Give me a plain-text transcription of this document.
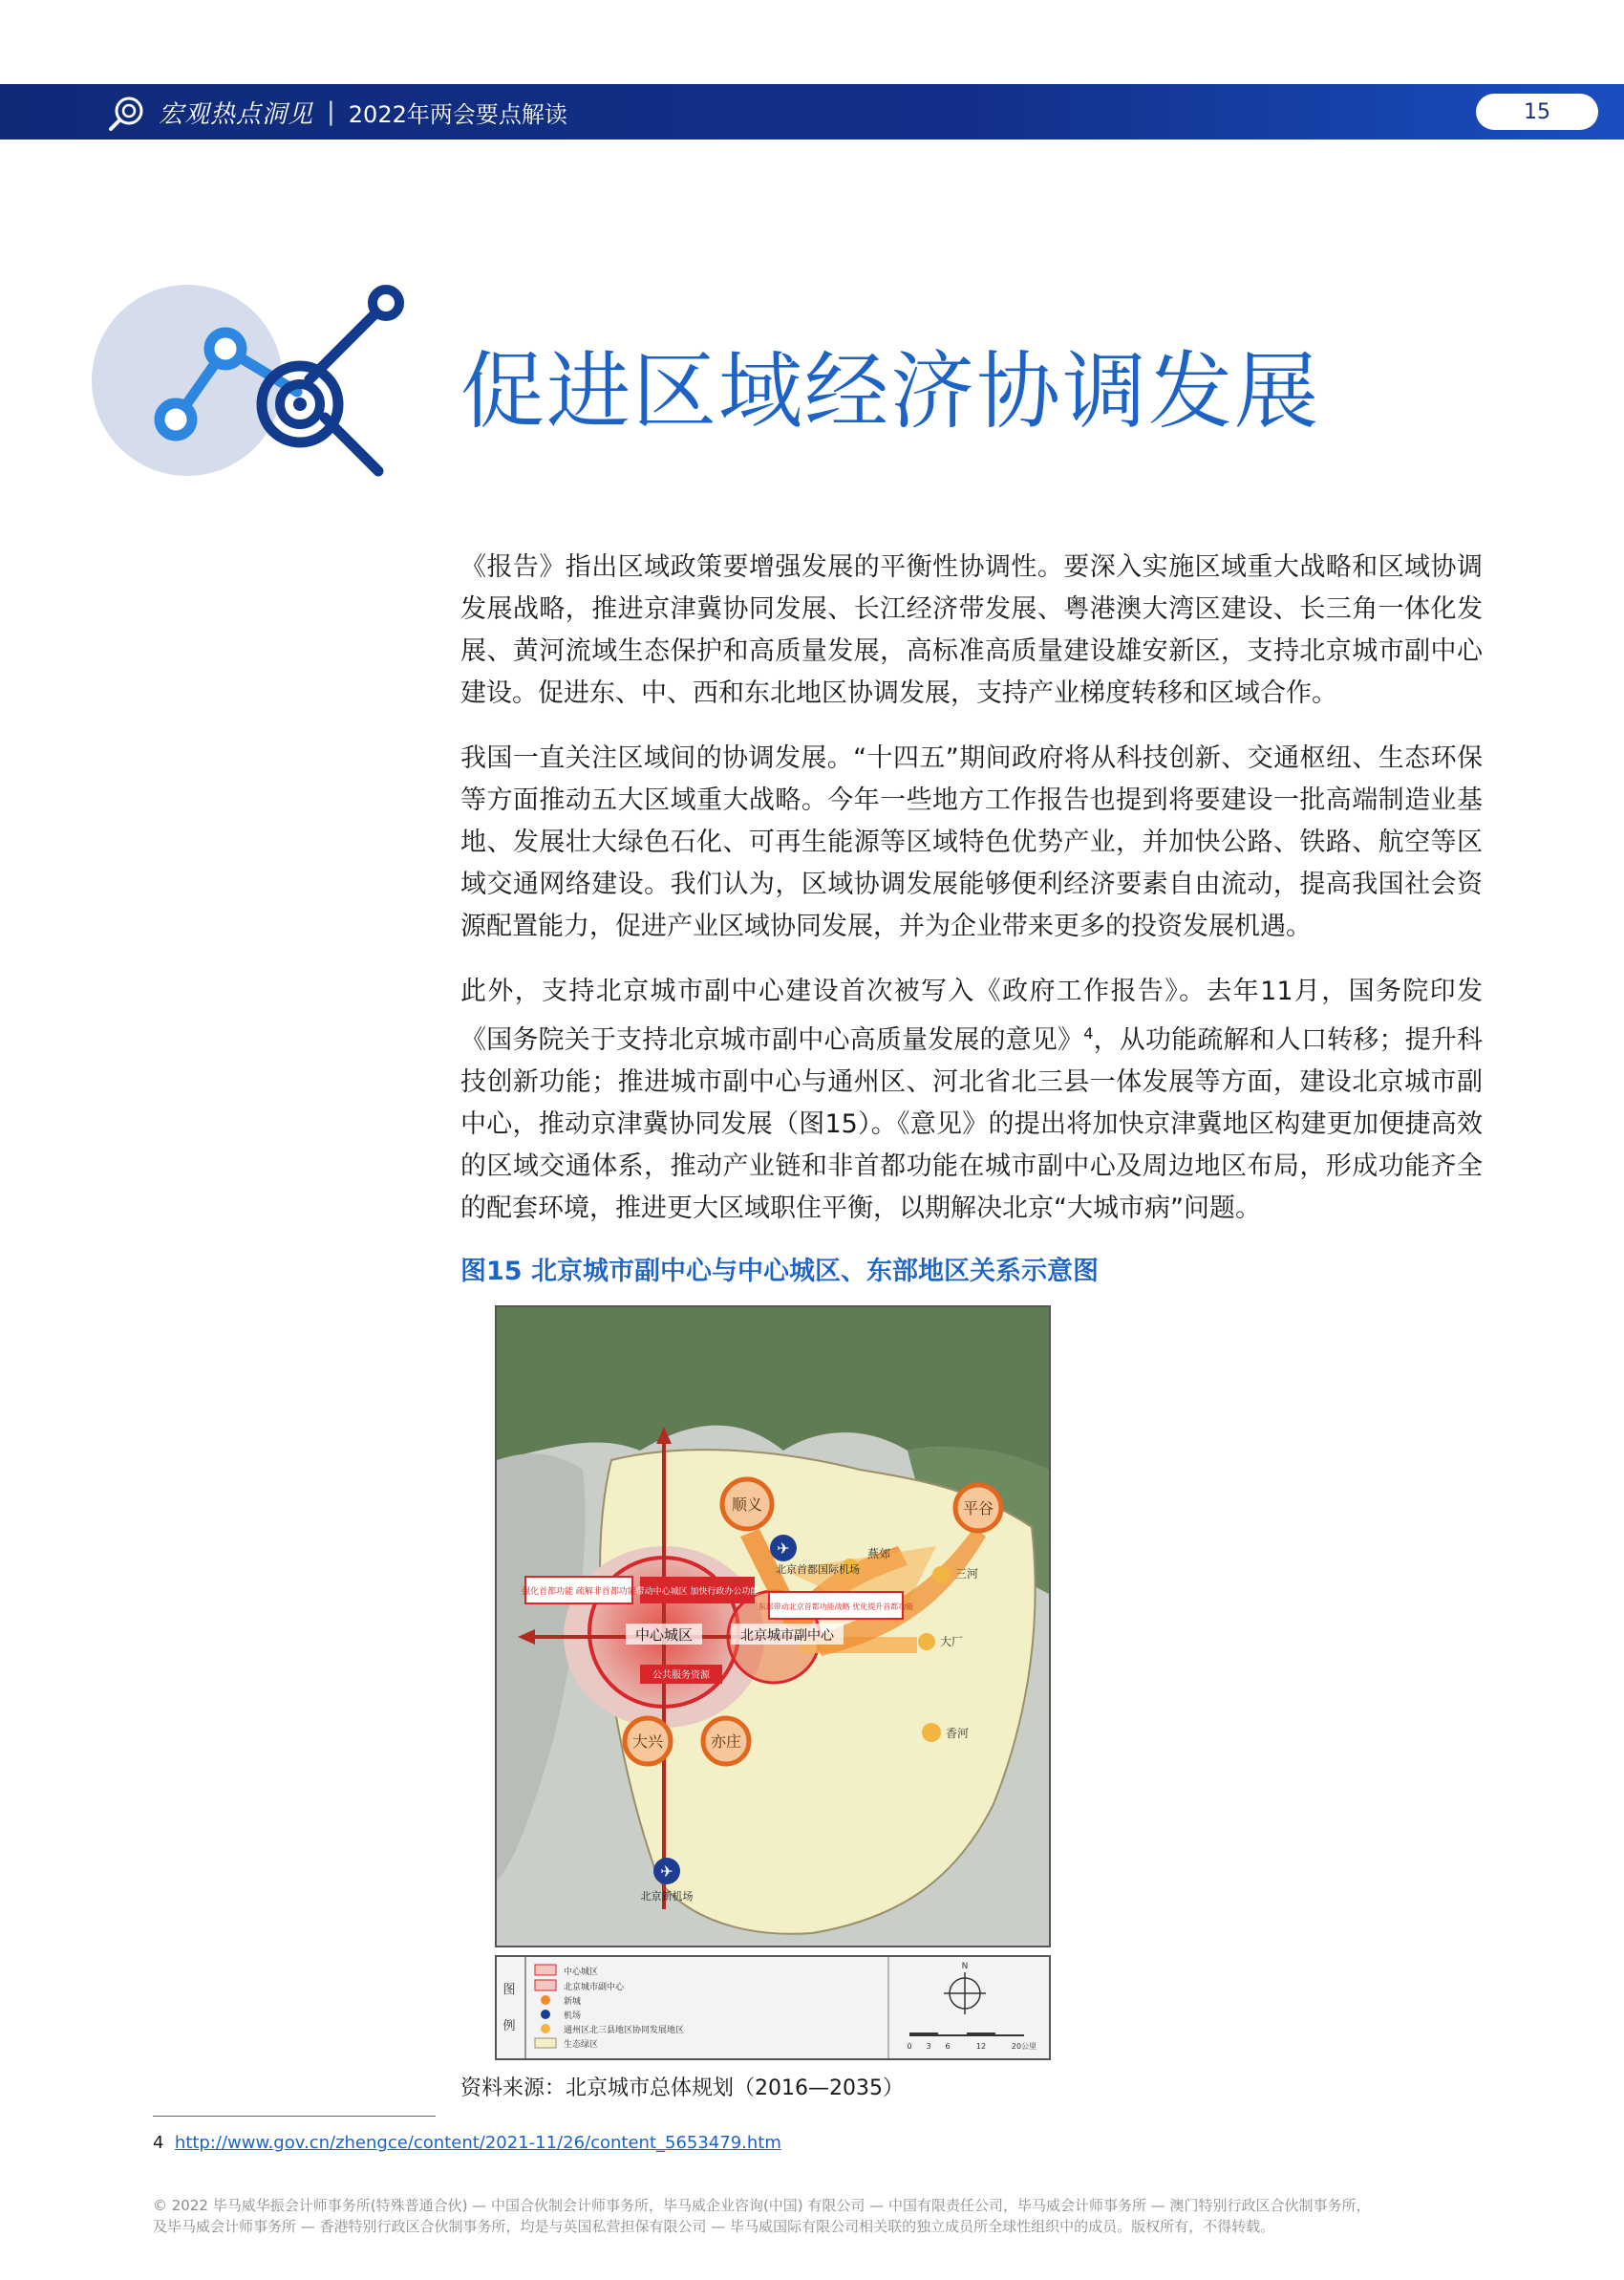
宏观热点洞见 | 2022年两会要点解读	15
促进区域经济协调发展

《报告》指出区域政策要增强发展的平衡性协调性。要深入实施区域重大战略和区域协调发展战略，推进京津冀协同发展、长江经济带发展、粤港澳大湾区建设、长三角一体化发展、黄河流域生态保护和高质量发展，高标准高质量建设雄安新区，支持北京城市副中心建设。促进东、中、西和东北地区协调发展，支持产业梯度转移和区域合作。

我国一直关注区域间的协调发展。“十四五”期间政府将从科技创新、交通枢纽、生态环保等方面推动五大区域重大战略。今年一些地方工作报告也提到将要建设一批高端制造业基地、发展壮大绿色石化、可再生能源等区域特色优势产业，并加快公路、铁路、航空等区域交通网络建设。我们认为，区域协调发展能够便利经济要素自由流动，提高我国社会资源配置能力，促进产业区域协同发展，并为企业带来更多的投资发展机遇。

此外，支持北京城市副中心建设首次被写入《政府工作报告》。去年11月，国务院印发《国务院关于支持北京城市副中心高质量发展的意见》$^4$，从功能疏解和人口转移；提升科技创新功能；推进城市副中心与通州区、河北省北三县一体发展等方面，建设北京城市副中心，推动京津冀协同发展（图15）。《意见》的提出将加快京津冀地区构建更加便捷高效的区域交通体系，推动产业链和非首都功能在城市副中心及周边地区布局，形成功能齐全的配套环境，推进更大区域职住平衡，以期解决北京“大城市病”问题。

图15 北京城市副中心与中心城区、东部地区关系示意图
顺义	平谷
大兴	亦庄
燕郊
三河
大厂
香河
✈
北京首都国际机场
✈
北京新机场
中心城区	北京城市副中心
强化首都功能 疏解非首都功能 带动中心城区 加快行政办公功能
东部带动北京首都功能战略 优化提升首都功能
公共服务资源
图
例
中心城区
北京城市副中心
新城
机场
通州区北三县地区协同发展地区
生态绿区
N
0 3 6	12	20公里
资料来源：北京城市总体规划（2016—2035）
4 http://www.gov.cn/zhengce/content/2021-11/26/content_5653479.htm
© 2022 毕马威华振会计师事务所(特殊普通合伙) — 中国合伙制会计师事务所，毕马威企业咨询(中国) 有限公司 — 中国有限责任公司，毕马威会计师事务所 — 澳门特别行政区合伙制事务所，
及毕马威会计师事务所 — 香港特别行政区合伙制事务所，均是与英国私营担保有限公司 — 毕马威国际有限公司相关联的独立成员所全球性组织中的成员。版权所有，不得转载。
